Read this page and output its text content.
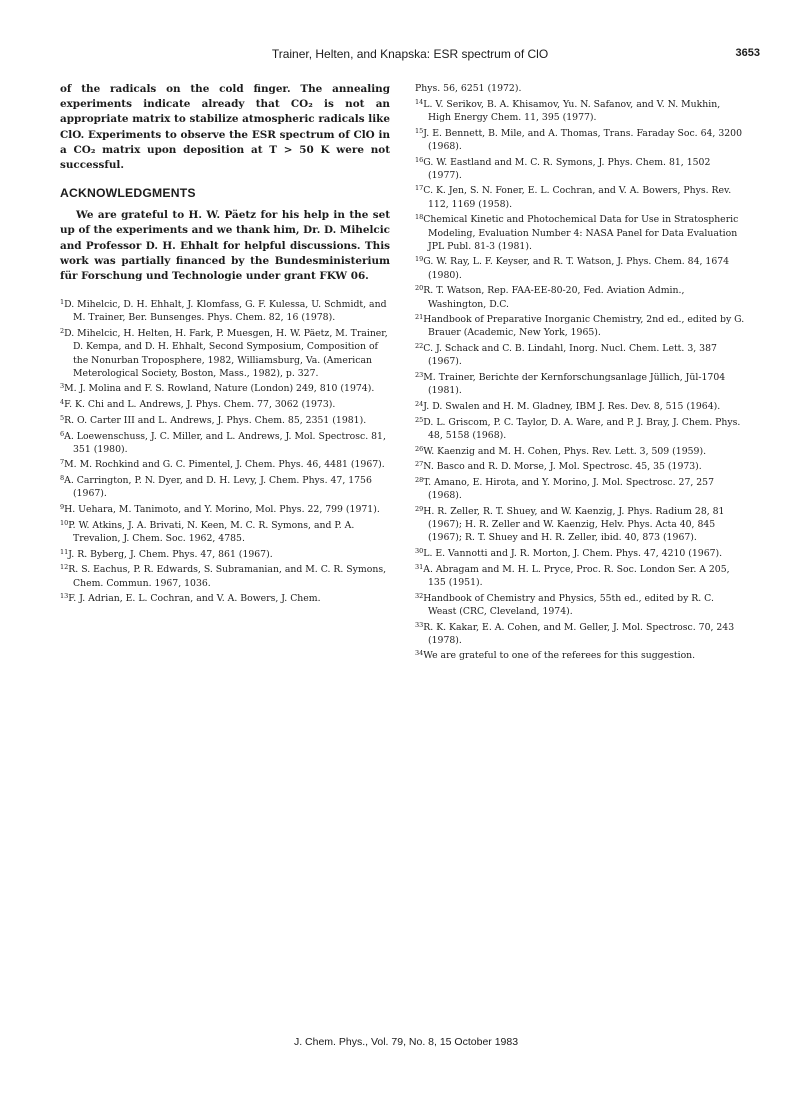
Trainer, Helten, and Knapska: ESR spectrum of ClO	3653

of the radicals on the cold finger. The annealing experiments indicate already that CO₂ is not an appropriate matrix to stabilize atmospheric radicals like ClO. Experiments to observe the ESR spectrum of ClO in a CO₂ matrix upon deposition at T > 50 K were not successful.

ACKNOWLEDGMENTS

We are grateful to H. W. Päetz for his help in the set up of the experiments and we thank him, Dr. D. Mihelcic and Professor D. H. Ehhalt for helpful discussions. This work was partially financed by the Bundesministerium für Forschung und Technologie under grant FKW 06.

$^1$D. Mihelcic, D. H. Ehhalt, J. Klomfass, G. F. Kulessa, U. Schmidt, and M. Trainer, Ber. Bunsenges. Phys. Chem. 82, 16 (1978).

$^2$D. Mihelcic, H. Helten, H. Fark, P. Muesgen, H. W. Päetz, M. Trainer, D. Kempa, and D. H. Ehhalt, Second Symposium, Composition of the Nonurban Troposphere, 1982, Williamsburg, Va. (American Meterological Society, Boston, Mass., 1982), p. 327.

$^3$M. J. Molina and F. S. Rowland, Nature (London) 249, 810 (1974).

$^4$F. K. Chi and L. Andrews, J. Phys. Chem. 77, 3062 (1973).

$^5$R. O. Carter III and L. Andrews, J. Phys. Chem. 85, 2351 (1981).

$^6$A. Loewenschuss, J. C. Miller, and L. Andrews, J. Mol. Spectrosc. 81, 351 (1980).

$^7$M. M. Rochkind and G. C. Pimentel, J. Chem. Phys. 46, 4481 (1967).

$^8$A. Carrington, P. N. Dyer, and D. H. Levy, J. Chem. Phys. 47, 1756 (1967).

$^9$H. Uehara, M. Tanimoto, and Y. Morino, Mol. Phys. 22, 799 (1971).

$^{10}$P. W. Atkins, J. A. Brivati, N. Keen, M. C. R. Symons, and P. A. Trevalion, J. Chem. Soc. 1962, 4785.

$^{11}$J. R. Byberg, J. Chem. Phys. 47, 861 (1967).

$^{12}$R. S. Eachus, P. R. Edwards, S. Subramanian, and M. C. R. Symons, Chem. Commun. 1967, 1036.

$^{13}$F. J. Adrian, E. L. Cochran, and V. A. Bowers, J. Chem.

Phys. 56, 6251 (1972).

$^{14}$L. V. Serikov, B. A. Khisamov, Yu. N. Safanov, and V. N. Mukhin, High Energy Chem. 11, 395 (1977).

$^{15}$J. E. Bennett, B. Mile, and A. Thomas, Trans. Faraday Soc. 64, 3200 (1968).

$^{16}$G. W. Eastland and M. C. R. Symons, J. Phys. Chem. 81, 1502 (1977).

$^{17}$C. K. Jen, S. N. Foner, E. L. Cochran, and V. A. Bowers, Phys. Rev. 112, 1169 (1958).

$^{18}$Chemical Kinetic and Photochemical Data for Use in Stratospheric Modeling, Evaluation Number 4: NASA Panel for Data Evaluation JPL Publ. 81-3 (1981).

$^{19}$G. W. Ray, L. F. Keyser, and R. T. Watson, J. Phys. Chem. 84, 1674 (1980).

$^{20}$R. T. Watson, Rep. FAA-EE-80-20, Fed. Aviation Admin., Washington, D.C.

$^{21}$Handbook of Preparative Inorganic Chemistry, 2nd ed., edited by G. Brauer (Academic, New York, 1965).

$^{22}$C. J. Schack and C. B. Lindahl, Inorg. Nucl. Chem. Lett. 3, 387 (1967).

$^{23}$M. Trainer, Berichte der Kernforschungsanlage Jüllich, Jül-1704 (1981).

$^{24}$J. D. Swalen and H. M. Gladney, IBM J. Res. Dev. 8, 515 (1964).

$^{25}$D. L. Griscom, P. C. Taylor, D. A. Ware, and P. J. Bray, J. Chem. Phys. 48, 5158 (1968).

$^{26}$W. Kaenzig and M. H. Cohen, Phys. Rev. Lett. 3, 509 (1959).

$^{27}$N. Basco and R. D. Morse, J. Mol. Spectrosc. 45, 35 (1973).

$^{28}$T. Amano, E. Hirota, and Y. Morino, J. Mol. Spectrosc. 27, 257 (1968).

$^{29}$H. R. Zeller, R. T. Shuey, and W. Kaenzig, J. Phys. Radium 28, 81 (1967); H. R. Zeller and W. Kaenzig, Helv. Phys. Acta 40, 845 (1967); R. T. Shuey and H. R. Zeller, ibid. 40, 873 (1967).

$^{30}$L. E. Vannotti and J. R. Morton, J. Chem. Phys. 47, 4210 (1967).

$^{31}$A. Abragam and M. H. L. Pryce, Proc. R. Soc. London Ser. A 205, 135 (1951).

$^{32}$Handbook of Chemistry and Physics, 55th ed., edited by R. C. Weast (CRC, Cleveland, 1974).

$^{33}$R. K. Kakar, E. A. Cohen, and M. Geller, J. Mol. Spectrosc. 70, 243 (1978).

$^{34}$We are grateful to one of the referees for this suggestion.

J. Chem. Phys., Vol. 79, No. 8, 15 October 1983
